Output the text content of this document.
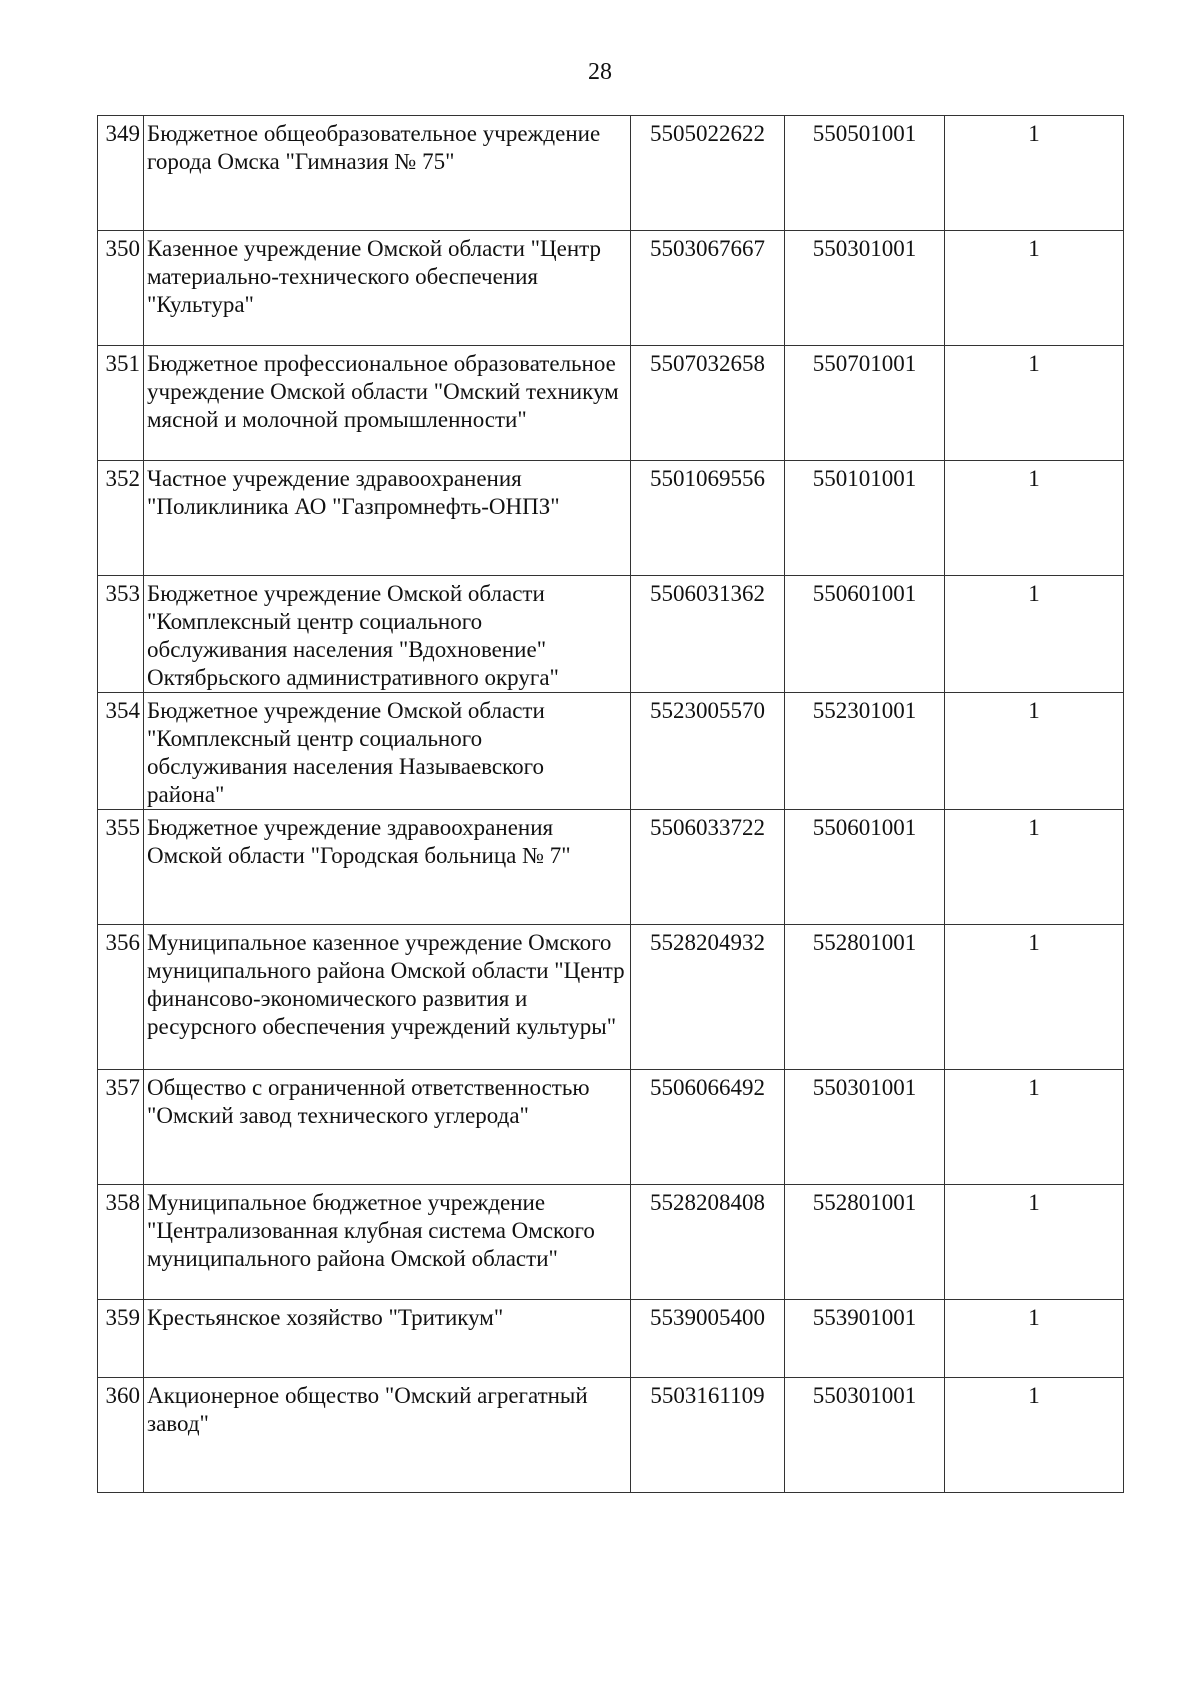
28
349	Бюджетное общеобразовательное учреждение города Омска "Гимназия № 75"	5505022622	550501001	1
350	Казенное учреждение Омской области "Центр материально-технического обеспечения "Культура"	5503067667	550301001	1
351	Бюджетное профессиональное образовательное учреждение Омской области "Омский техникум мясной и молочной промышленности"	5507032658	550701001	1
352	Частное учреждение здравоохранения "Поликлиника АО "Газпромнефть-ОНПЗ"	5501069556	550101001	1
353	Бюджетное учреждение Омской области "Комплексный центр социального обслуживания населения "Вдохновение" Октябрьского административного округа"	5506031362	550601001	1
354	Бюджетное учреждение Омской области "Комплексный центр социального обслуживания населения Называевского района"	5523005570	552301001	1
355	Бюджетное учреждение здравоохранения Омской области "Городская больница № 7"	5506033722	550601001	1
356	Муниципальное казенное учреждение Омского муниципального района Омской области "Центр финансово-экономического развития и ресурсного обеспечения учреждений культуры"	5528204932	552801001	1
357	Общество с ограниченной ответственностью "Омский завод технического углерода"	5506066492	550301001	1
358	Муниципальное бюджетное учреждение "Централизованная клубная система Омского муниципального района Омской области"	5528208408	552801001	1
359	Крестьянское хозяйство "Тритикум"	5539005400	553901001	1
360	Акционерное общество "Омский агрегатный завод"	5503161109	550301001	1
